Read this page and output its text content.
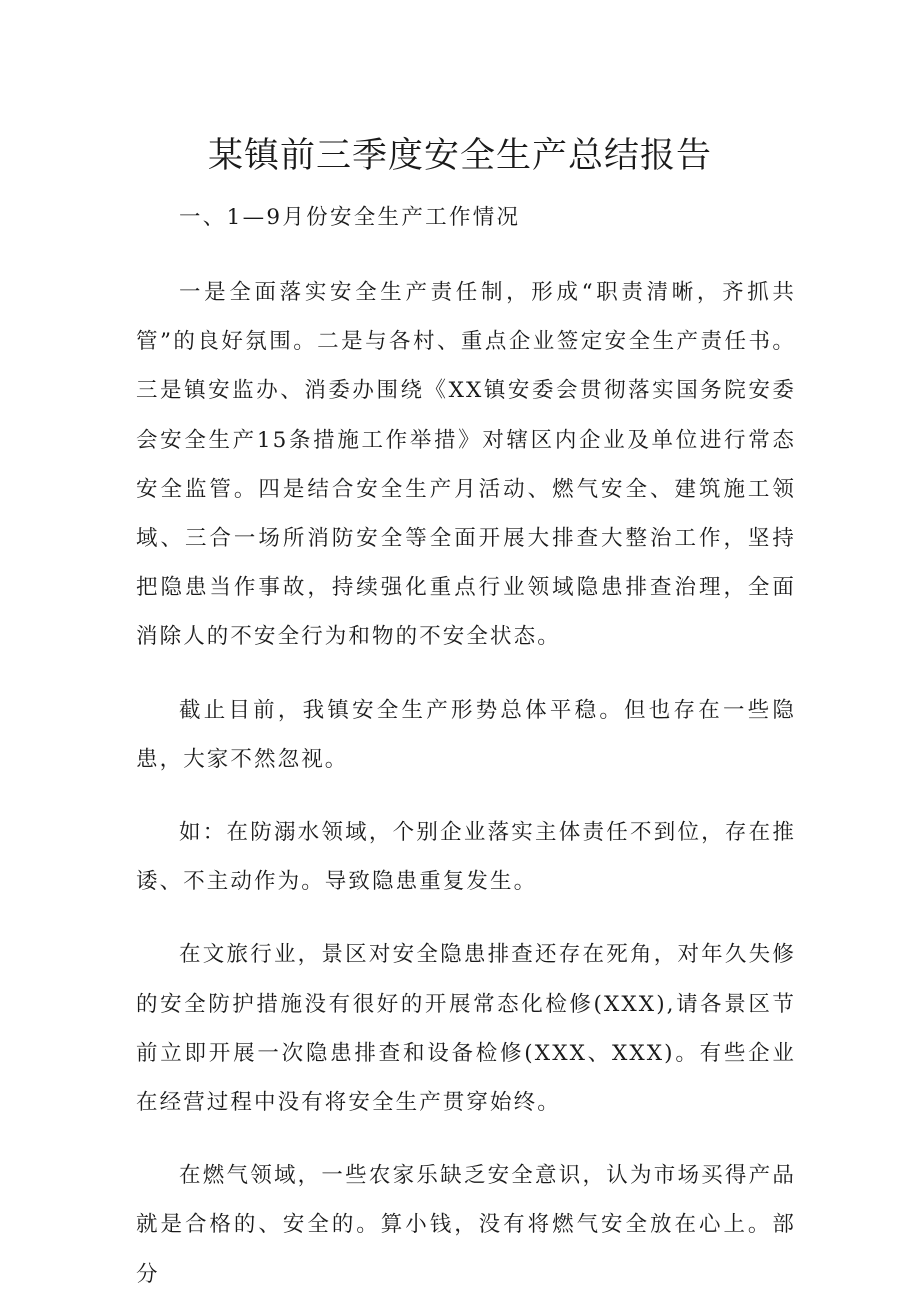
某镇前三季度安全生产总结报告

一、1—9月份安全生产工作情况

一是全面落实安全生产责任制，形成“职责清晰，齐抓共管”的良好氛围。二是与各村、重点企业签定安全生产责任书。三是镇安监办、消委办围绕《XX镇安委会贯彻落实国务院安委会安全生产15条措施工作举措》对辖区内企业及单位进行常态安全监管。四是结合安全生产月活动、燃气安全、建筑施工领域、三合一场所消防安全等全面开展大排查大整治工作，坚持把隐患当作事故，持续强化重点行业领域隐患排查治理，全面消除人的不安全行为和物的不安全状态。

截止目前，我镇安全生产形势总体平稳。但也存在一些隐患，大家不然忽视。

如：在防溺水领域，个别企业落实主体责任不到位，存在推诿、不主动作为。导致隐患重复发生。

在文旅行业，景区对安全隐患排查还存在死角，对年久失修的安全防护措施没有很好的开展常态化检修(XXX),请各景区节前立即开展一次隐患排查和设备检修(XXX、XXX)。有些企业在经营过程中没有将安全生产贯穿始终。

在燃气领域，一些农家乐缺乏安全意识，认为市场买得产品就是合格的、安全的。算小钱，没有将燃气安全放在心上。部分
